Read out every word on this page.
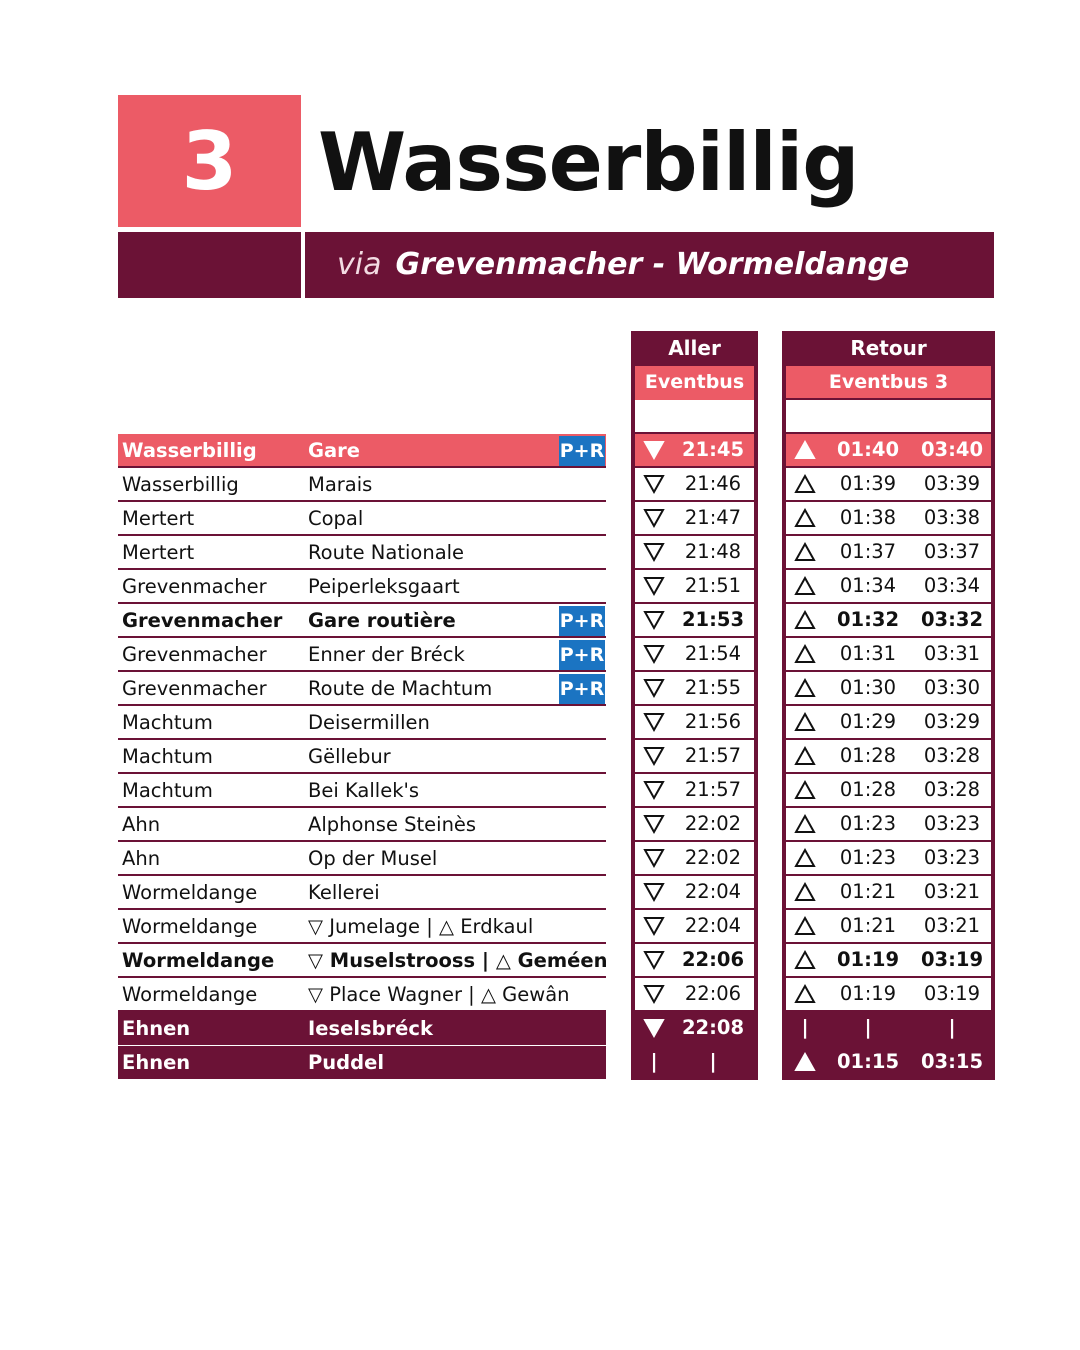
3	Wasserbillig
via Grevenmacher - Wormeldange
Aller
Eventbus
Retour
Eventbus 3
Wasserbillig	Gare	P+R	21:45	01:40	03:40
Wasserbillig	Marais	21:46	01:39	03:39
Mertert	Copal	21:47	01:38	03:38
Mertert	Route Nationale	21:48	01:37	03:37
Grevenmacher	Peiperleksgaart	21:51	01:34	03:34
Grevenmacher	Gare routière	P+R	21:53	01:32	03:32
Grevenmacher	Enner der Bréck	P+R	21:54	01:31	03:31
Grevenmacher	Route de Machtum	P+R	21:55	01:30	03:30
Machtum	Deisermillen	21:56	01:29	03:29
Machtum	Gëllebur	21:57	01:28	03:28
Machtum	Bei Kallek's	21:57	01:28	03:28
Ahn	Alphonse Steinès	22:02	01:23	03:23
Ahn	Op der Musel	22:02	01:23	03:23
Wormeldange	Kellerei	22:04	01:21	03:21
Wormeldange	▽ Jumelage | △ Erdkaul	22:04	01:21	03:21
Wormeldange	▽ Muselstrooss | △ Geméen	22:06	01:19	03:19
Wormeldange	▽ Place Wagner | △ Gewân	22:06	01:19	03:19
Ehnen	Ieselsbréck	22:08	|	|	|
Ehnen	Puddel	|	|	01:15	03:15
